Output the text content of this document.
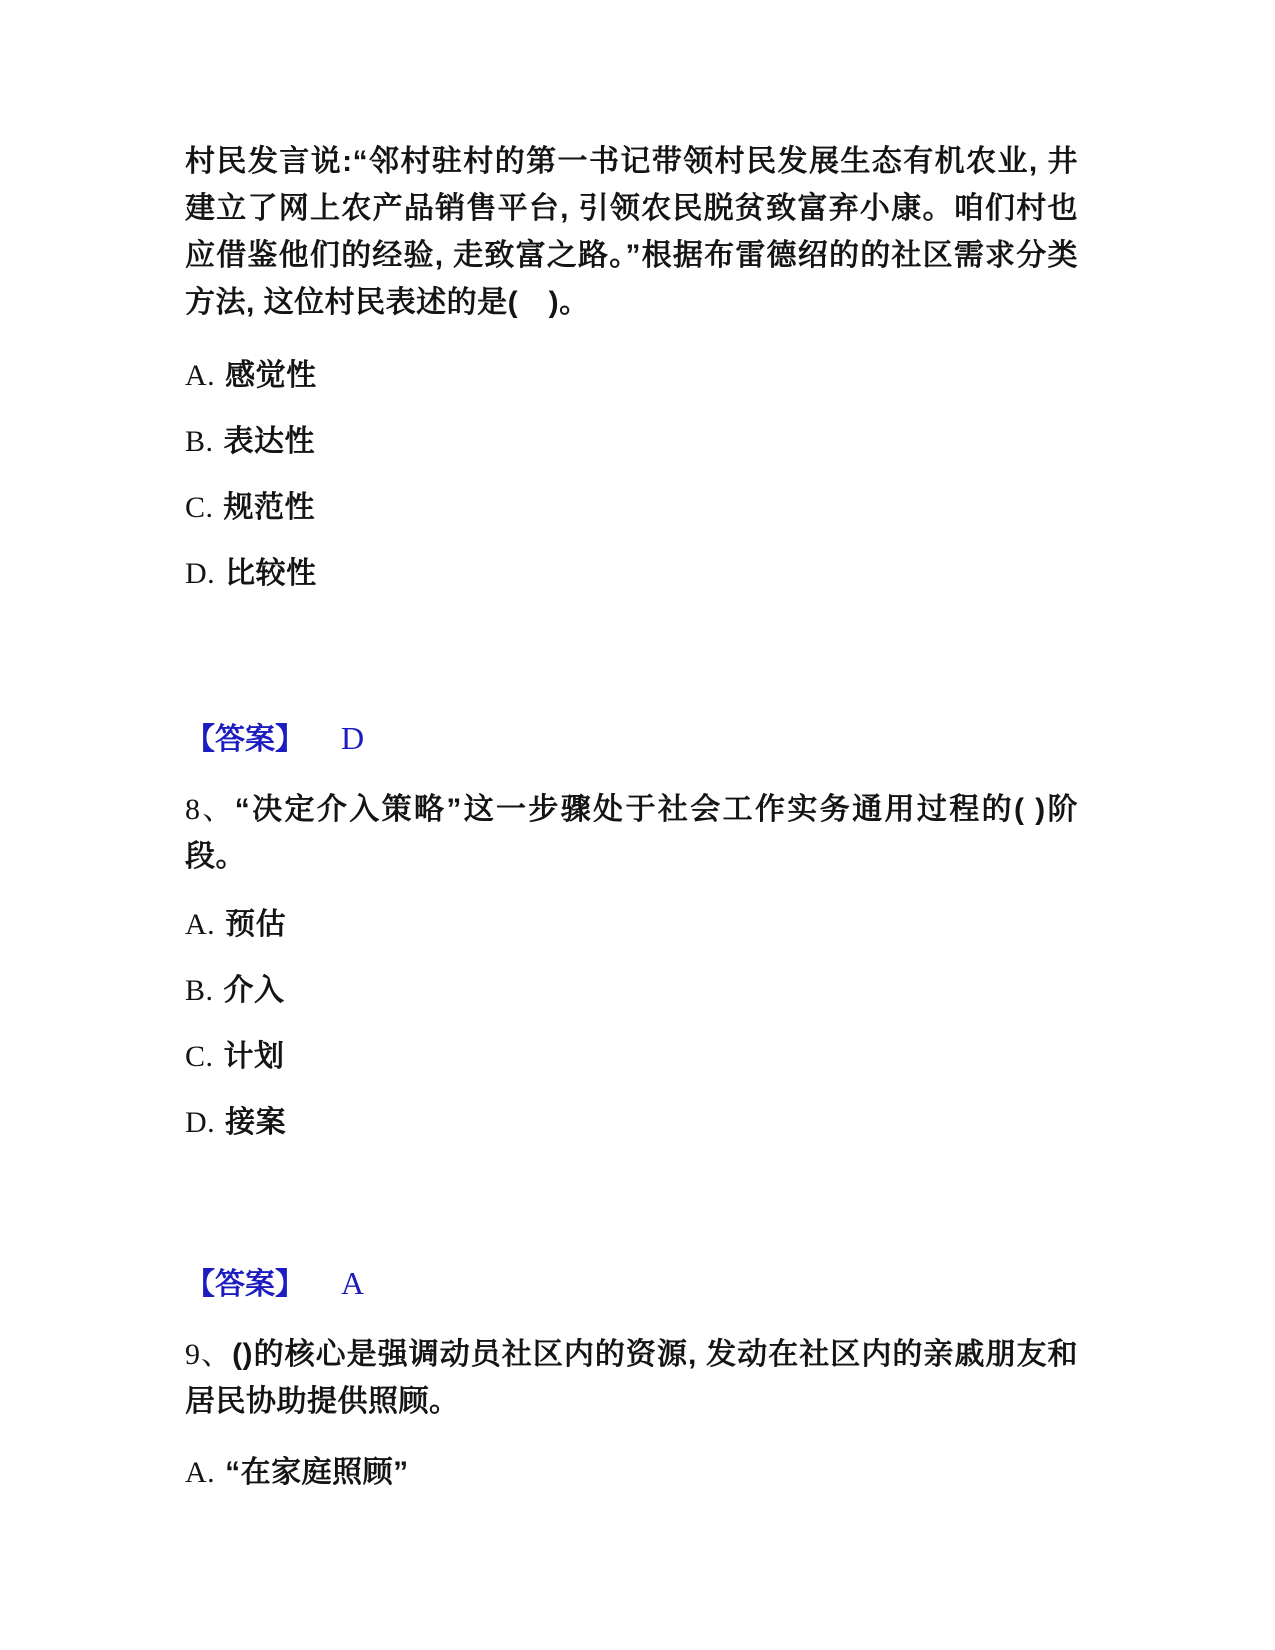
村民发言说:“邻村驻村的第一书记带领村民发展生态有机农业, 井建立了网上农产品销售平台, 引领农民脱贫致富弃小康。咱们村也应借鉴他们的经验, 走致富之路。”根据布雷德绍的的社区需求分类方法, 这位村民表述的是(　)。

A. 感觉性
B. 表达性
C. 规范性
D. 比较性
【答案】 D

8、“决定介入策略”这一步骤处于社会工作实务通用过程的( )阶段。

A. 预估
B. 介入
C. 计划
D. 接案
【答案】 A

9、()的核心是强调动员社区内的资源, 发动在社区内的亲戚朋友和居民协助提供照顾。

A. “在家庭照顾”
